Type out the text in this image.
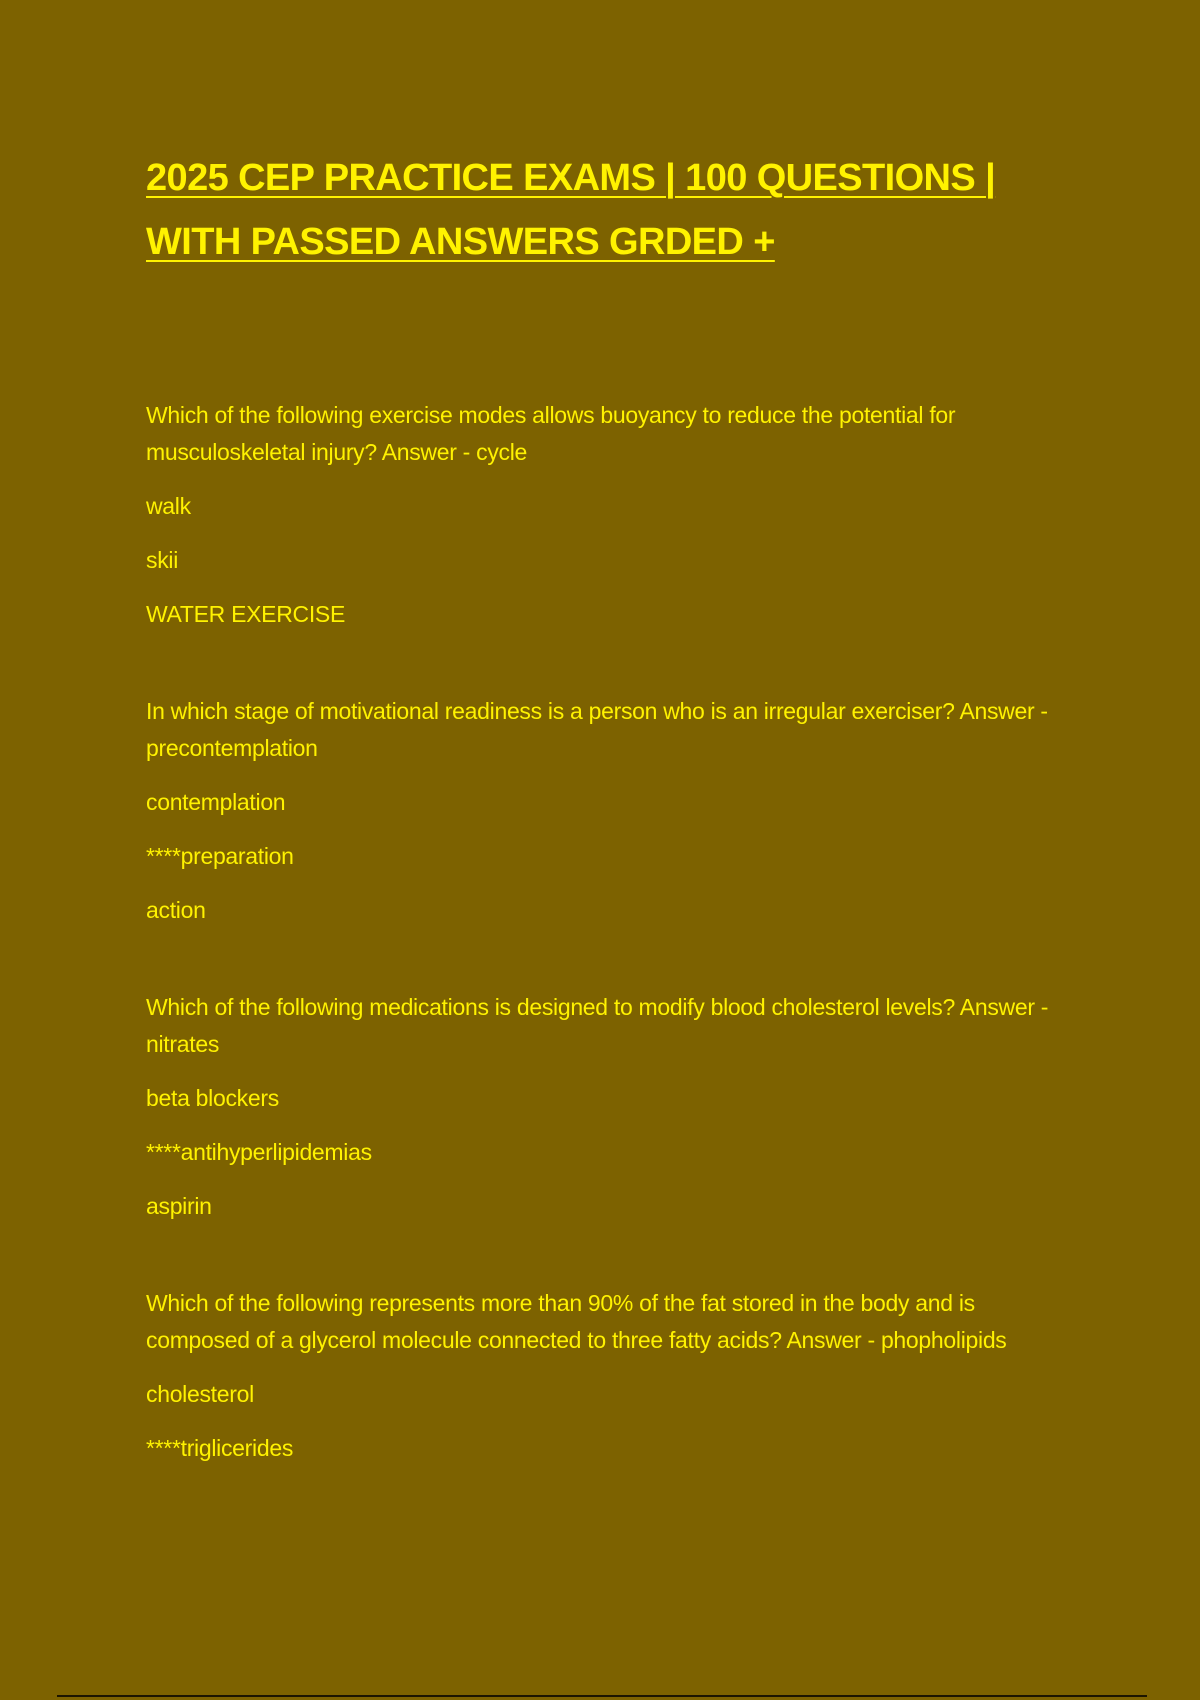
2025 CEP PRACTICE EXAMS | 100 QUESTIONS | WITH PASSED ANSWERS GRDED +

Which of the following exercise modes allows buoyancy to reduce the potential for musculoskeletal injury? Answer - cycle

walk

skii

WATER EXERCISE

In which stage of motivational readiness is a person who is an irregular exerciser? Answer - precontemplation

contemplation

****preparation

action

Which of the following medications is designed to modify blood cholesterol levels? Answer - nitrates

beta blockers

****antihyperlipidemias

aspirin

Which of the following represents more than 90% of the fat stored in the body and is composed of a glycerol molecule connected to three fatty acids? Answer - phopholipids

cholesterol

****triglicerides
